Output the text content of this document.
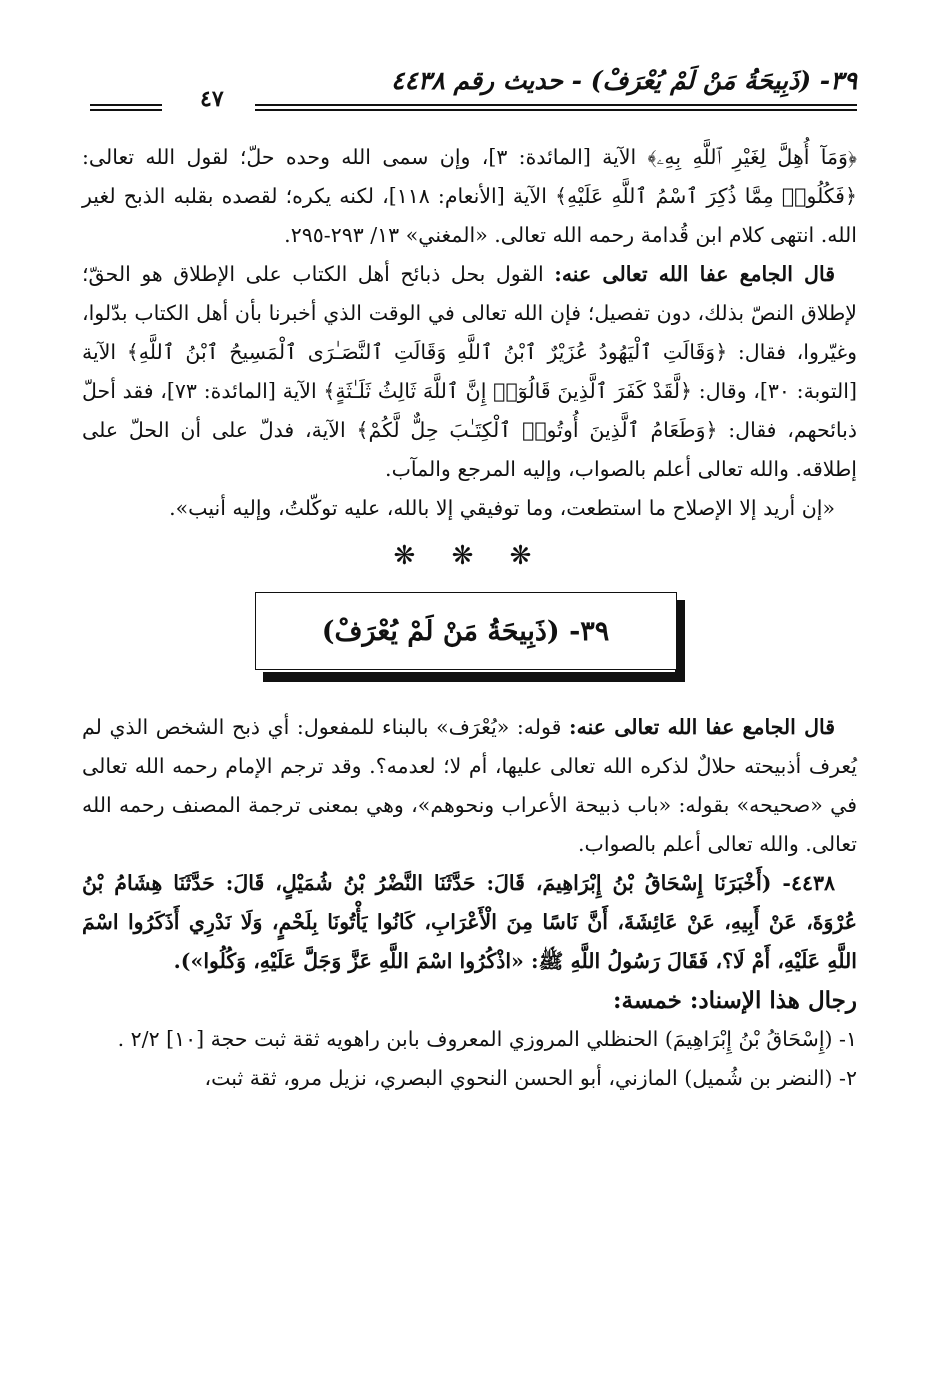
٣٩- (ذَبِيحَةُ مَنْ لَمْ يُعْرَفْ) - حديث رقم ٤٤٣٨
٤٧

﴿وَمَآ أُهِلَّ لِغَيْرِ ٱللَّهِ بِهِۦ﴾ الآية [المائدة: ٣]، وإن سمى الله وحده حلّ؛ لقول الله تعالى: ﴿فَكُلُوا۟ مِمَّا ذُكِرَ ٱسْمُ ٱللَّهِ عَلَيْهِ﴾ الآية [الأنعام: ١١٨]، لكنه يكره؛ لقصده بقلبه الذبح لغير الله. انتهى كلام ابن قُدامة رحمه الله تعالى. «المغني» ١٣/ ٢٩٣-٢٩٥.

قال الجامع عفا الله تعالى عنه: القول بحل ذبائح أهل الكتاب على الإطلاق هو الحقّ؛ لإطلاق النصّ بذلك، دون تفصيل؛ فإن الله تعالى في الوقت الذي أخبرنا بأن أهل الكتاب بدّلوا، وغيّروا، فقال: ﴿وَقَالَتِ ٱلْيَهُودُ عُزَيْرٌ ٱبْنُ ٱللَّهِ وَقَالَتِ ٱلنَّصَـٰرَى ٱلْمَسِيحُ ٱبْنُ ٱللَّهِ﴾ الآية [التوبة: ٣٠]، وقال: ﴿لَّقَدْ كَفَرَ ٱلَّذِينَ قَالُوٓا۟ إِنَّ ٱللَّهَ ثَالِثُ ثَلَـٰثَةٍ﴾ الآية [المائدة: ٧٣]، فقد أحلّ ذبائحهم، فقال: ﴿وَطَعَامُ ٱلَّذِينَ أُوتُوا۟ ٱلْكِتَـٰبَ حِلٌّ لَّكُمْ﴾ الآية، فدلّ على أن الحلّ على إطلاقه. والله تعالى أعلم بالصواب، وإليه المرجع والمآب.

«إن أريد إلا الإصلاح ما استطعت، وما توفيقي إلا بالله، عليه توكّلتُ، وإليه أنيب».

❋ ❋ ❋
٣٩- (ذَبِيحَةُ مَنْ لَمْ يُعْرَفْ)

قال الجامع عفا الله تعالى عنه: قوله: «يُعْرَف» بالبناء للمفعول: أي ذبح الشخص الذي لم يُعرف أذبيحته حلالٌ لذكره الله تعالى عليها، أم لا؛ لعدمه؟. وقد ترجم الإمام رحمه الله تعالى في «صحيحه» بقوله: «باب ذبيحة الأعراب ونحوهم»، وهي بمعنى ترجمة المصنف رحمه الله تعالى. والله تعالى أعلم بالصواب.

٤٤٣٨- (أَخْبَرَنَا إِسْحَاقُ بْنُ إِبْرَاهِيمَ، قَالَ: حَدَّثَنَا النَّضْرُ بْنُ شُمَيْلٍ، قَالَ: حَدَّثَنَا هِشَامُ بْنُ عُرْوَةَ، عَنْ أَبِيهِ، عَنْ عَائِشَةَ، أَنَّ نَاسًا مِنَ الْأَعْرَابِ، كَانُوا يَأْتُونَا بِلَحْمٍ، وَلَا نَدْرِي أَذَكَرُوا اسْمَ اللَّهِ عَلَيْهِ، أَمْ لَا؟، فَقَالَ رَسُولُ اللَّهِ ﷺ: «اذْكُرُوا اسْمَ اللَّهِ عَزَّ وَجَلَّ عَلَيْهِ، وَكُلُوا»).

رجال هذا الإسناد: خمسة:

١- (إِسْحَاقُ بْنُ إِبْرَاهِيمَ) الحنظلي المروزي المعروف بابن راهويه ثقة ثبت حجة [١٠] ٢/٢ .

٢- (النضر بن شُميل) المازني، أبو الحسن النحوي البصري، نزيل مرو، ثقة ثبت،
